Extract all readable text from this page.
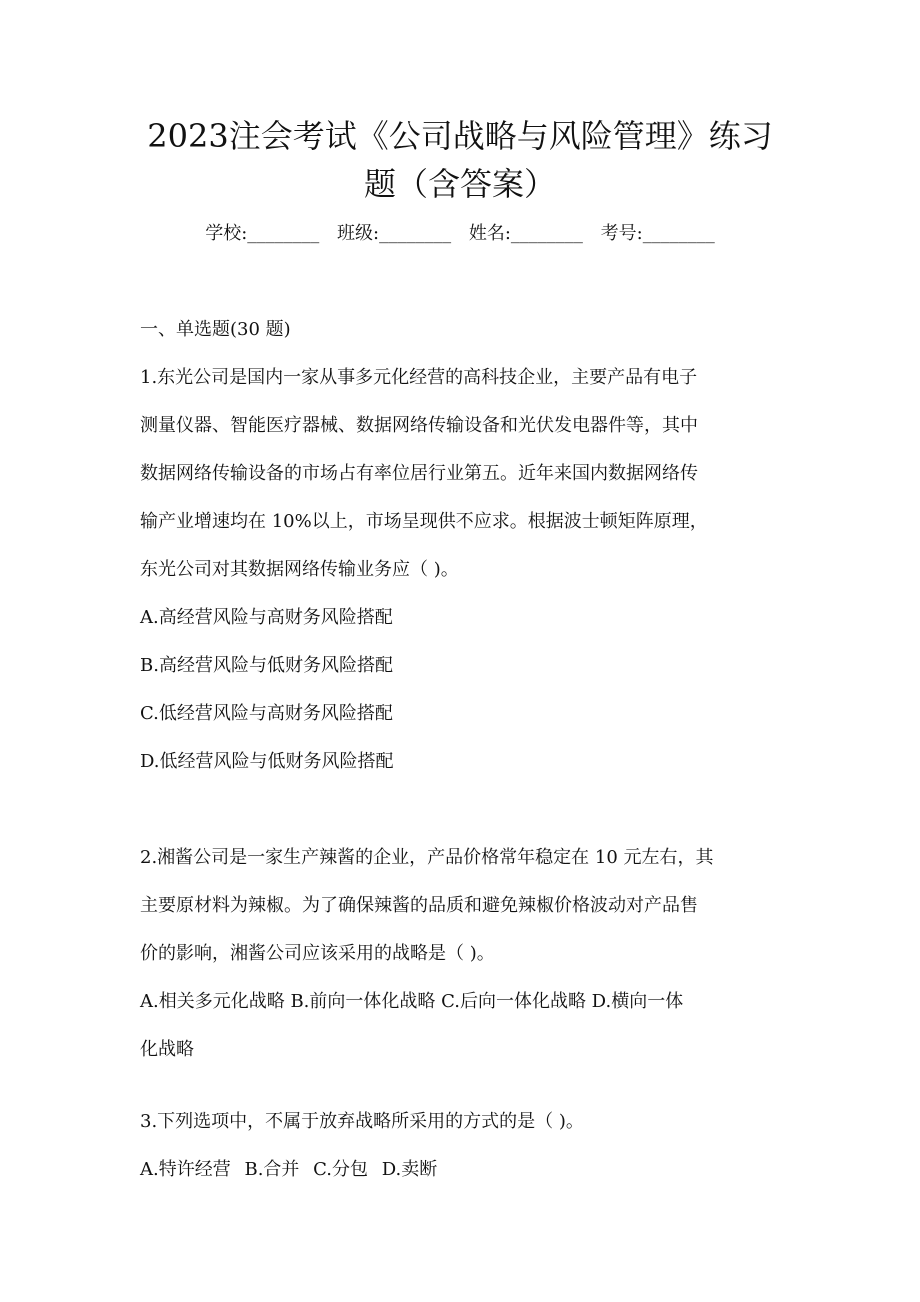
2023注会考试《公司战略与风险管理》练习
题（含答案）
学校:________ 班级:________ 姓名:________ 考号:________
一、单选题(30 题)
1.东光公司是国内一家从事多元化经营的高科技企业，主要产品有电子
测量仪器、智能医疗器械、数据网络传输设备和光伏发电器件等，其中
数据网络传输设备的市场占有率位居行业第五。近年来国内数据网络传
输产业增速均在 10%以上，市场呈现供不应求。根据波士顿矩阵原理，
东光公司对其数据网络传输业务应（ )。
A.高经营风险与高财务风险搭配
B.高经营风险与低财务风险搭配
C.低经营风险与高财务风险搭配
D.低经营风险与低财务风险搭配
2.湘酱公司是一家生产辣酱的企业，产品价格常年稳定在 10 元左右，其
主要原材料为辣椒。为了确保辣酱的品质和避免辣椒价格波动对产品售
价的影响，湘酱公司应该采用的战略是（ )。
A.相关多元化战略 B.前向一体化战略 C.后向一体化战略 D.横向一体
化战略
3.下列选项中，不属于放弃战略所采用的方式的是（ )。
A.特许经营 B.合并 C.分包 D.卖断
